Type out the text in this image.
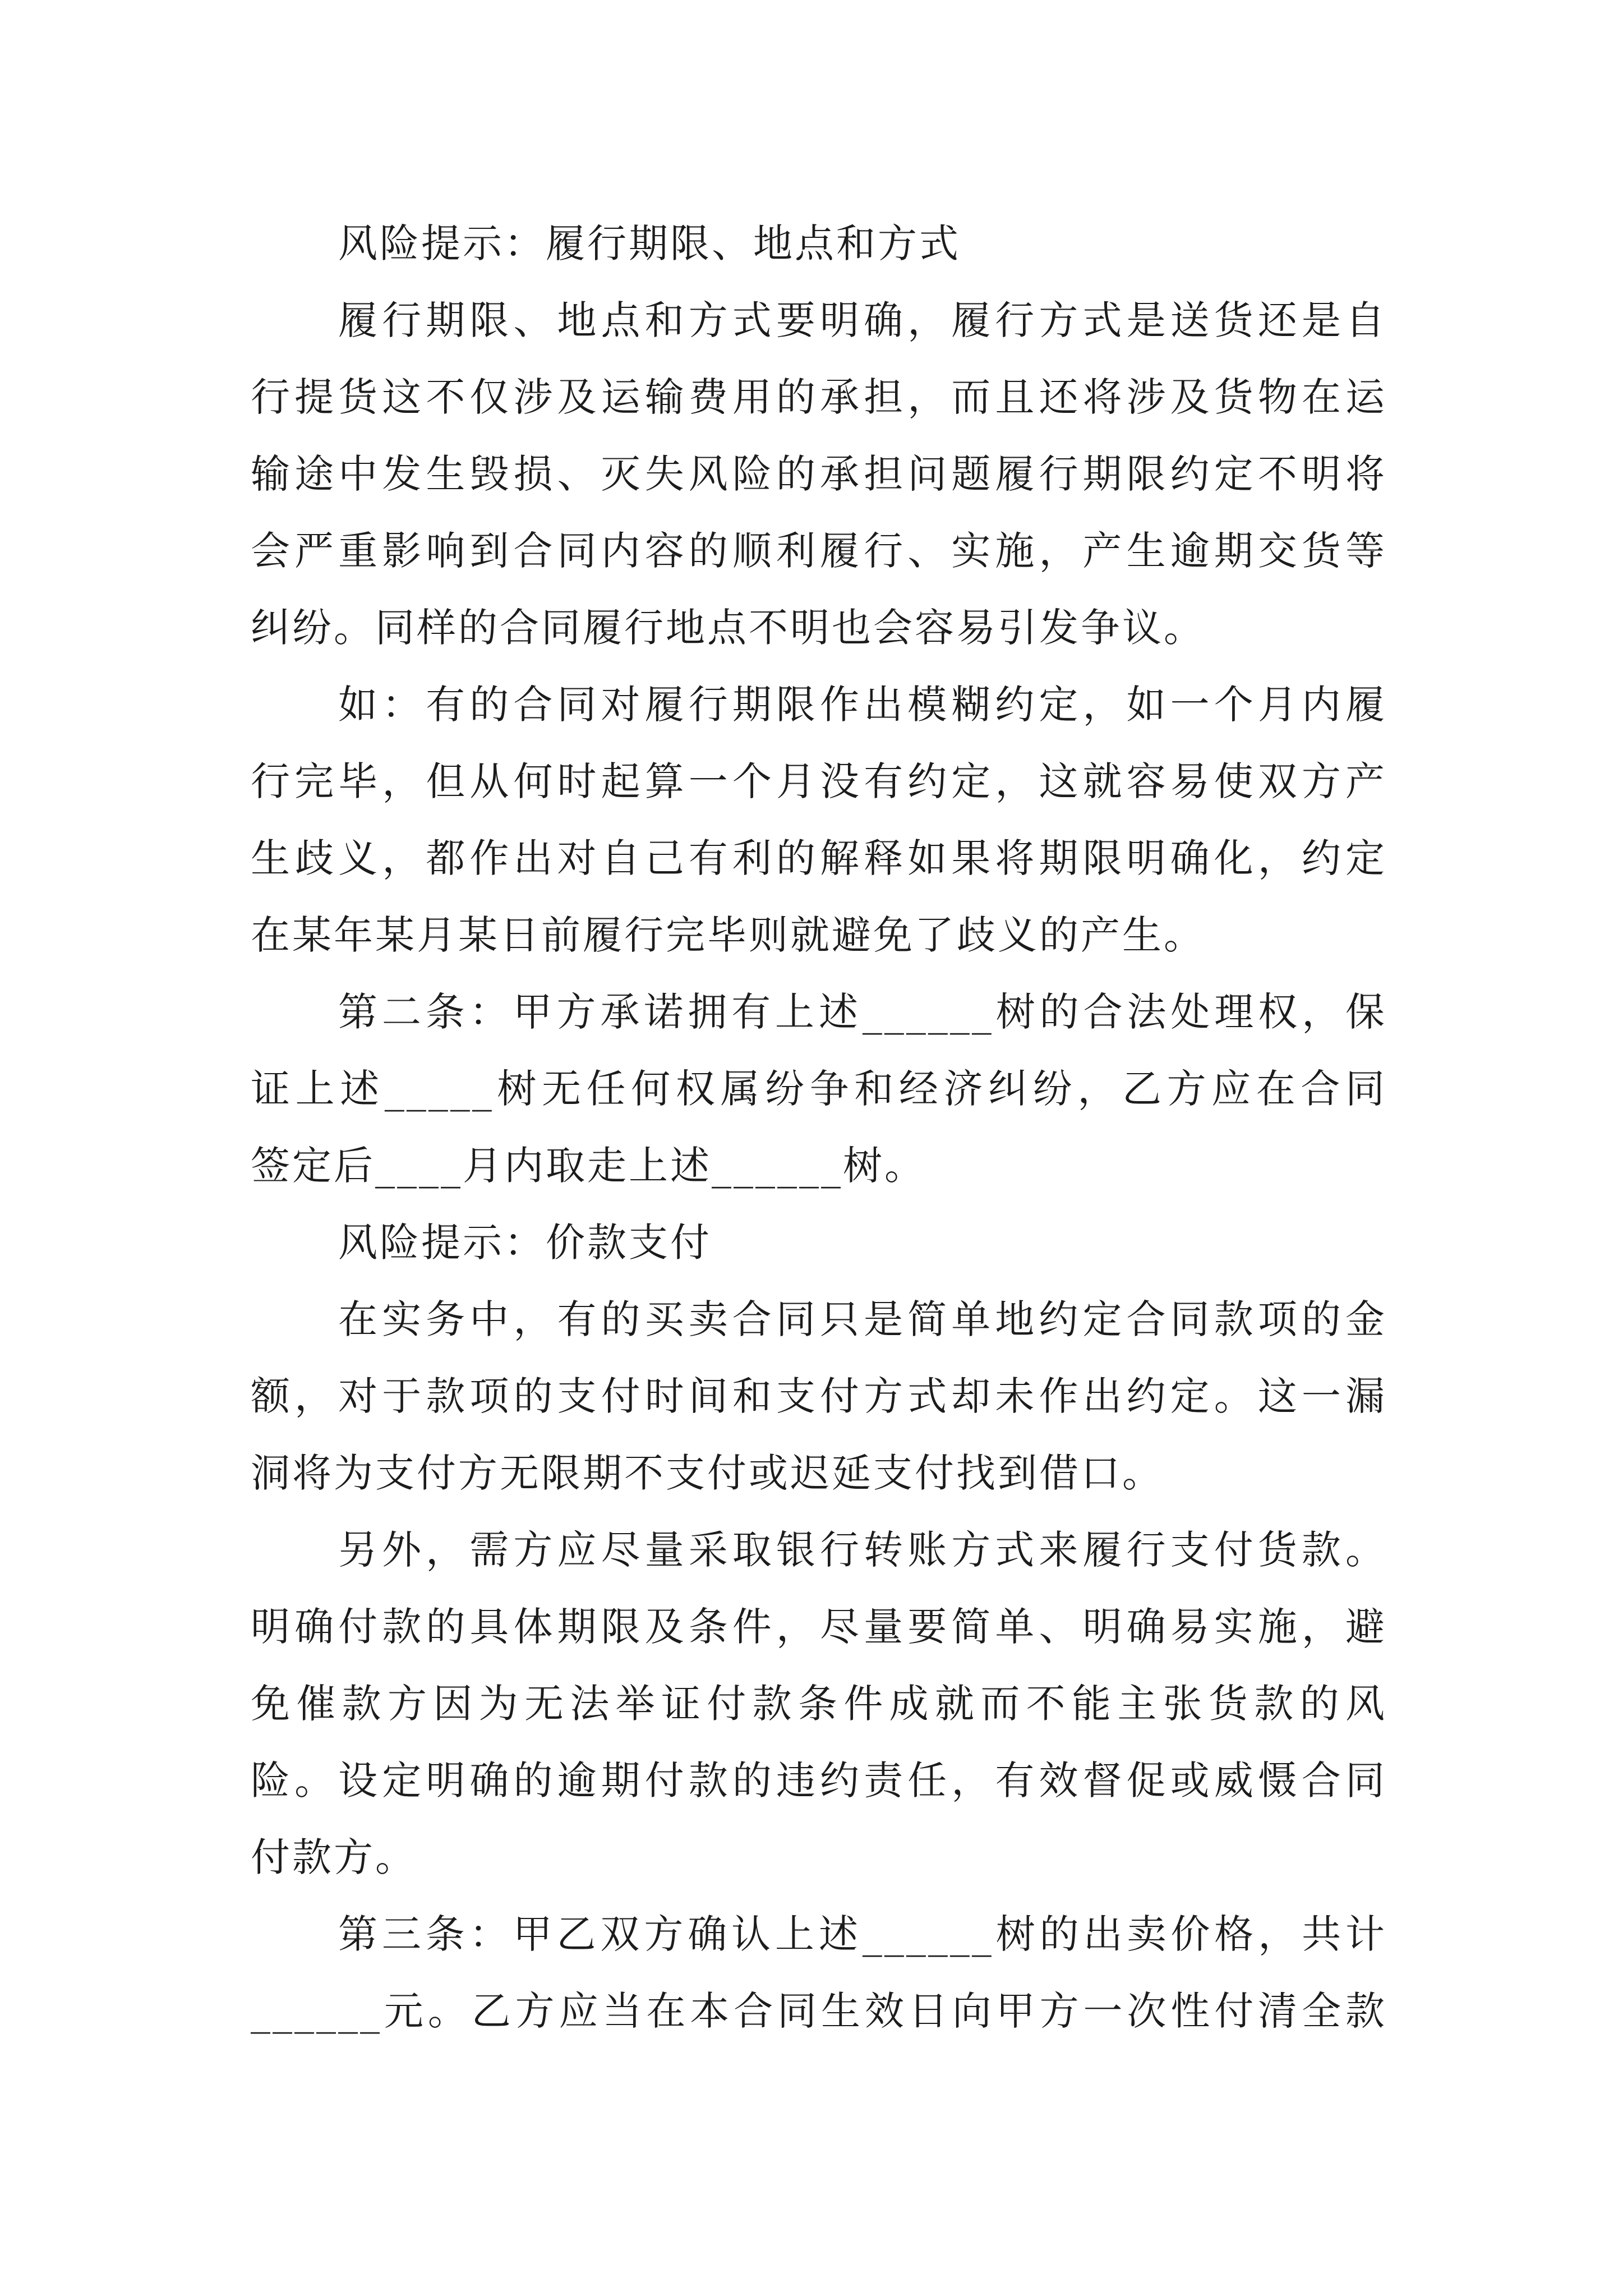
风险提示：履行期限、地点和方式
履行期限、地点和方式要明确，履行方式是送货还是自
行提货这不仅涉及运输费用的承担，而且还将涉及货物在运
输途中发生毁损、灭失风险的承担问题履行期限约定不明将
会严重影响到合同内容的顺利履行、实施，产生逾期交货等
纠纷。同样的合同履行地点不明也会容易引发争议。
如：有的合同对履行期限作出模糊约定，如一个月内履
行完毕，但从何时起算一个月没有约定，这就容易使双方产
生歧义，都作出对自己有利的解释如果将期限明确化，约定
在某年某月某日前履行完毕则就避免了歧义的产生。
第二条：甲方承诺拥有上述______树的合法处理权，保
证上述_____树无任何权属纷争和经济纠纷，乙方应在合同
签定后____月内取走上述______树。
风险提示：价款支付
在实务中，有的买卖合同只是简单地约定合同款项的金
额，对于款项的支付时间和支付方式却未作出约定。这一漏
洞将为支付方无限期不支付或迟延支付找到借口。
另外，需方应尽量采取银行转账方式来履行支付货款。
明确付款的具体期限及条件，尽量要简单、明确易实施，避
免催款方因为无法举证付款条件成就而不能主张货款的风
险。设定明确的逾期付款的违约责任，有效督促或威慑合同
付款方。
第三条：甲乙双方确认上述______树的出卖价格，共计
______元。乙方应当在本合同生效日向甲方一次性付清全款
